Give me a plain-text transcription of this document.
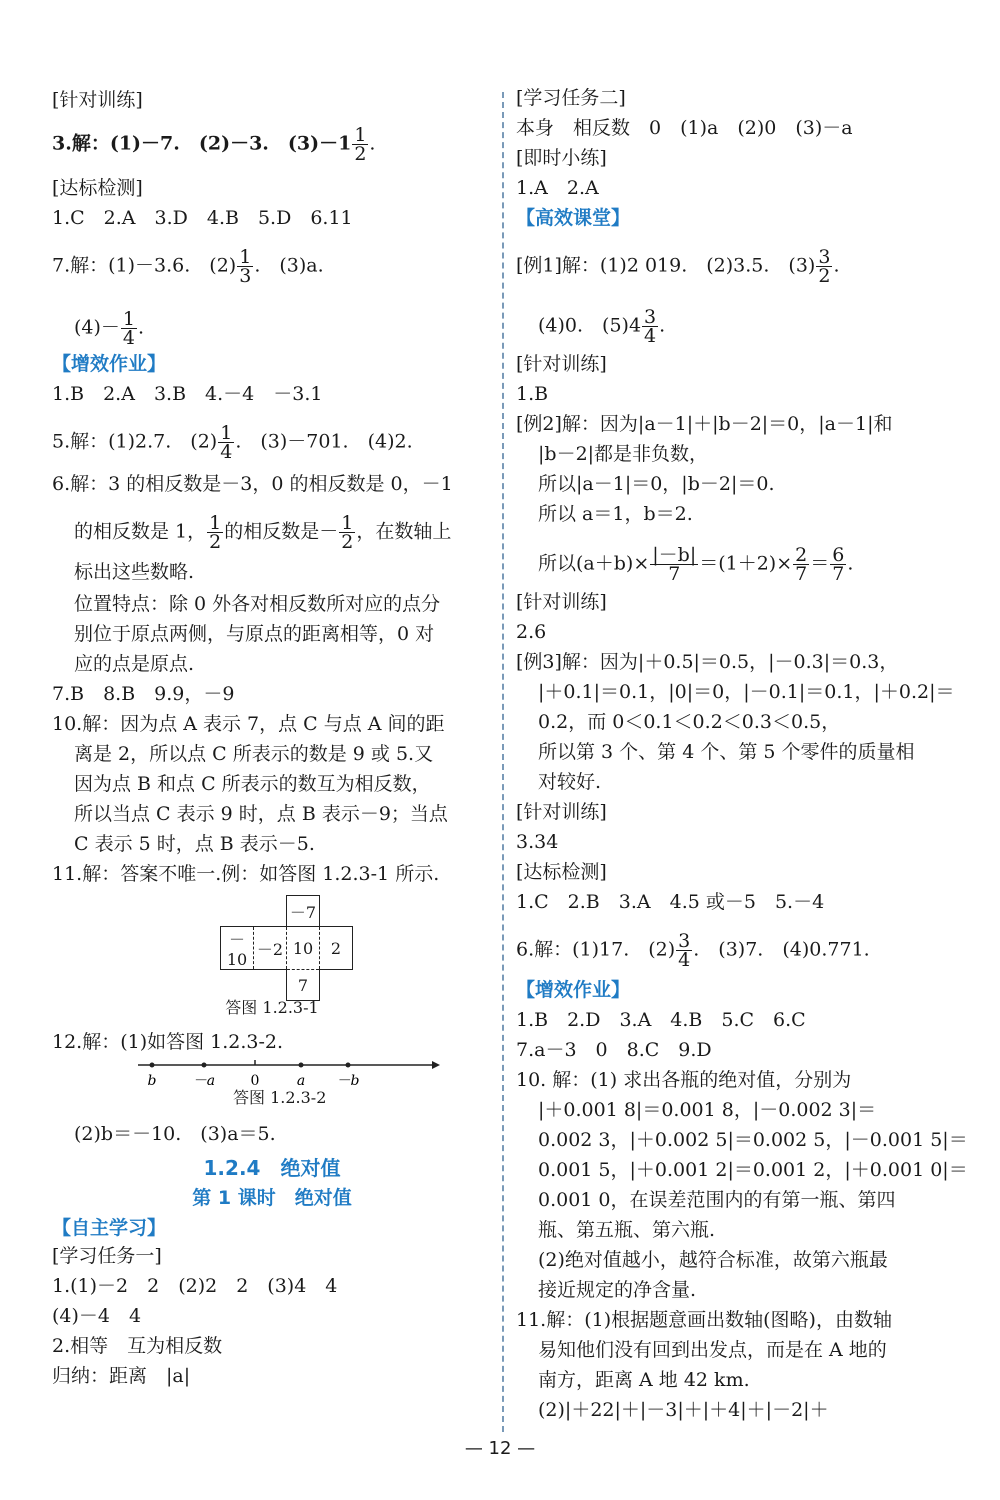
[针对训练]
3.解：(1)－7.　(2)－3.　$(3)-1 \frac{1}{2}$ .
[达标检测]
1.C　2.A　3.D　4.B　5.D　6.11
7.解：(1)－3.6.　$(2) \frac{1}{3}$ .　(3)a.
$(4)- \frac{1}{4}$ .
【增效作业】
1.B　2.A　3.B　4.－4　－3.1
5.解：(1)2.7.　$(2) \frac{1}{4}$ .　(3)－701.　(4)2.
6.解：3 的相反数是－3，0 的相反数是 0，－1
的相反数是 1， $\frac{1}{2}$ 的相反数是－ $\frac{1}{2}$ ，在数轴上
标出这些数略.
位置特点：除 0 外各对相反数所对应的点分
别位于原点两侧，与原点的距离相等，0 对
应的点是原点.
7.B　8.B　9.9，－9
10.解：因为点 A 表示 7，点 C 与点 A 间的距
离是 2，所以点 C 所表示的数是 9 或 5.又
因为点 B 和点 C 所表示的数互为相反数，
所以当点 C 表示 9 时，点 B 表示－9；当点
C 表示 5 时，点 B 表示－5.
11.解：答案不唯一.例：如答图 1.2.3-1 所示.
		－7	
－10	－2	10	2
		7	
答图 1.2.3-1
12.解：(1)如答图 1.2.3-2.
b	－a	0	a －b
答图 1.2.3-2
(2)b＝－10.　(3)a＝5.
1.2.4　绝对值
第 1 课时　绝对值
【自主学习】
[学习任务一]
1.(1)－2　2　(2)2　2　(3)4　4
(4)－4　4
2.相等　互为相反数
归纳：距离　|a|
[学习任务二]
本身　相反数　0　(1)a　(2)0　(3)－a
[即时小练]
1.A　2.A
【高效课堂】
[例1]解：(1)2 019.　(2)3.5.　$(3) \frac{3}{2}$ .
(4)0.　$(5)4 \frac{3}{4}$ .
[针对训练]
1.B
[例2]解：因为|a－1|＋|b－2|＝0，|a－1|和
|b－2|都是非负数，
所以|a－1|＝0，|b－2|＝0.
所以 a＝1，b＝2.
所以$(a+b)\times \frac{|-b|}{7} =(1+2)\times \frac{2}{7} = \frac{6}{7}$ .
[针对训练]
2.6
[例3]解：因为|＋0.5|＝0.5，|－0.3|＝0.3，
|＋0.1|＝0.1，|0|＝0，|－0.1|＝0.1，|＋0.2|＝
0.2，而 0＜0.1＜0.2＜0.3＜0.5，
所以第 3 个、第 4 个、第 5 个零件的质量相
对较好.
[针对训练]
3.34
[达标检测]
1.C　2.B　3.A　4.5 或－5　5.－4
6.解：(1)17.　$(2) \frac{3}{4}$ .　(3)7.　(4)0.771.
【增效作业】
1.B　2.D　3.A　4.B　5.C　6.C
7.a－3　0　8.C　9.D
10. 解：(1) 求出各瓶的绝对值，分别为
|＋0.001 8|＝0.001 8，|－0.002 3|＝
0.002 3，|＋0.002 5|＝0.002 5，|－0.001 5|＝
0.001 5，|＋0.001 2|＝0.001 2，|＋0.001 0|＝
0.001 0，在误差范围内的有第一瓶、第四
瓶、第五瓶、第六瓶.
(2)绝对值越小，越符合标准，故第六瓶最
接近规定的净含量.
11.解：(1)根据题意画出数轴(图略)，由数轴
易知他们没有回到出发点，而是在 A 地的
南方，距离 A 地 42 km.
(2)|＋22|＋|－3|＋|＋4|＋|－2|＋
— 12 —
